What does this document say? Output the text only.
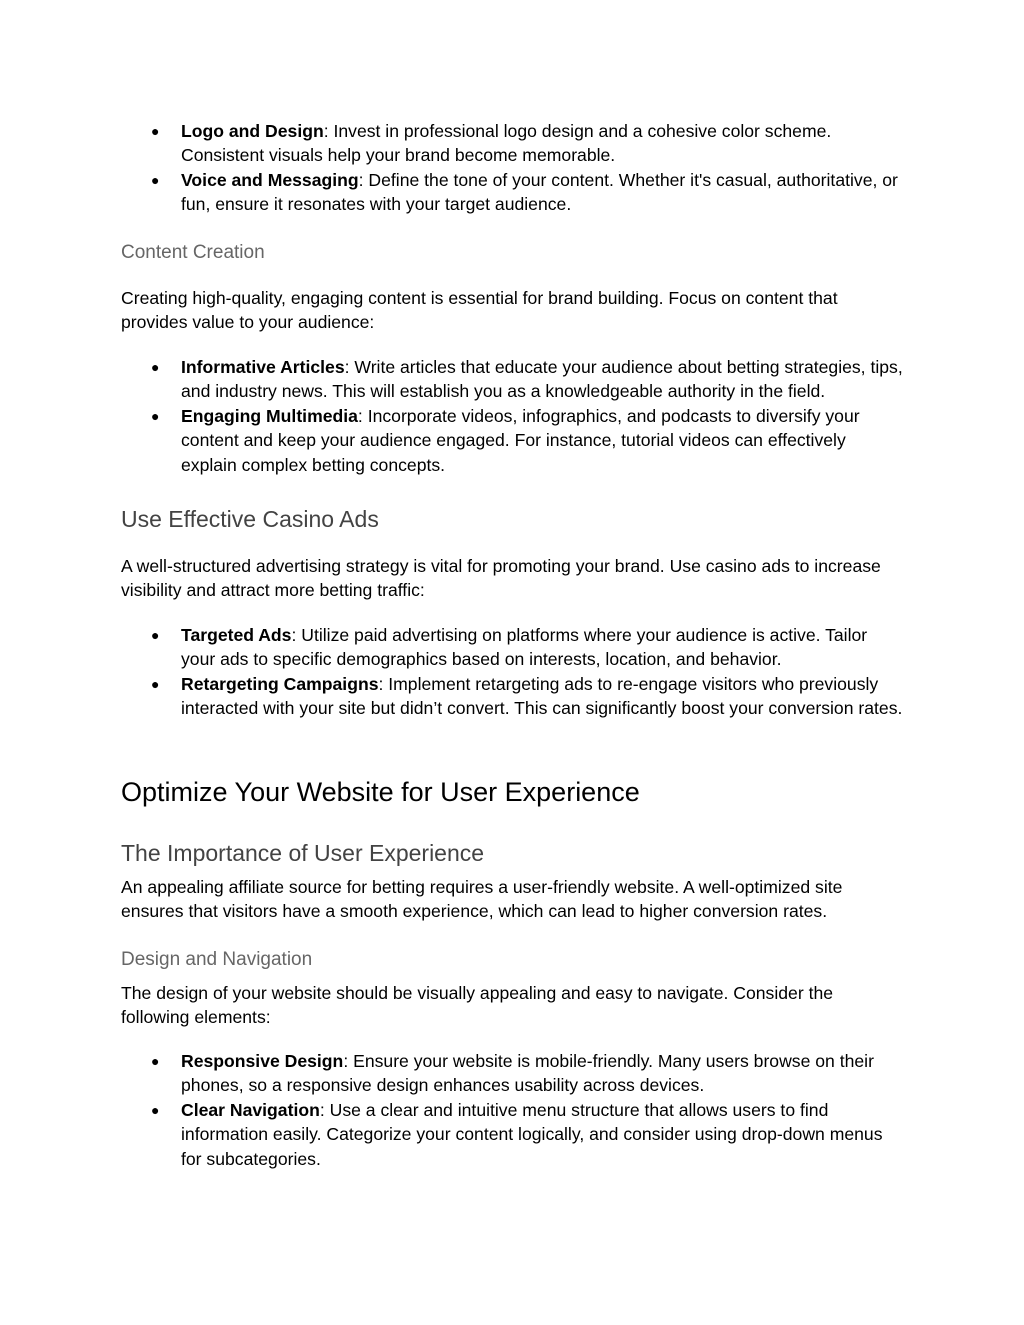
● Logo and Design: Invest in professional logo design and a cohesive color scheme. Consistent visuals help your brand become memorable.
● Voice and Messaging: Define the tone of your content. Whether it's casual, authoritative, or fun, ensure it resonates with your target audience.
Content Creation

Creating high-quality, engaging content is essential for brand building. Focus on content that provides value to your audience:

● Informative Articles: Write articles that educate your audience about betting strategies, tips, and industry news. This will establish you as a knowledgeable authority in the field.
● Engaging Multimedia: Incorporate videos, infographics, and podcasts to diversify your content and keep your audience engaged. For instance, tutorial videos can effectively explain complex betting concepts.
Use Effective Casino Ads

A well-structured advertising strategy is vital for promoting your brand. Use casino ads to increase visibility and attract more betting traffic:

● Targeted Ads: Utilize paid advertising on platforms where your audience is active. Tailor your ads to specific demographics based on interests, location, and behavior.
● Retargeting Campaigns: Implement retargeting ads to re-engage visitors who previously interacted with your site but didn’t convert. This can significantly boost your conversion rates.
Optimize Your Website for User Experience
The Importance of User Experience

An appealing affiliate source for betting requires a user-friendly website. A well-optimized site ensures that visitors have a smooth experience, which can lead to higher conversion rates.

Design and Navigation

The design of your website should be visually appealing and easy to navigate. Consider the following elements:

● Responsive Design: Ensure your website is mobile-friendly. Many users browse on their phones, so a responsive design enhances usability across devices.
● Clear Navigation: Use a clear and intuitive menu structure that allows users to find information easily. Categorize your content logically, and consider using drop-down menus for subcategories.
